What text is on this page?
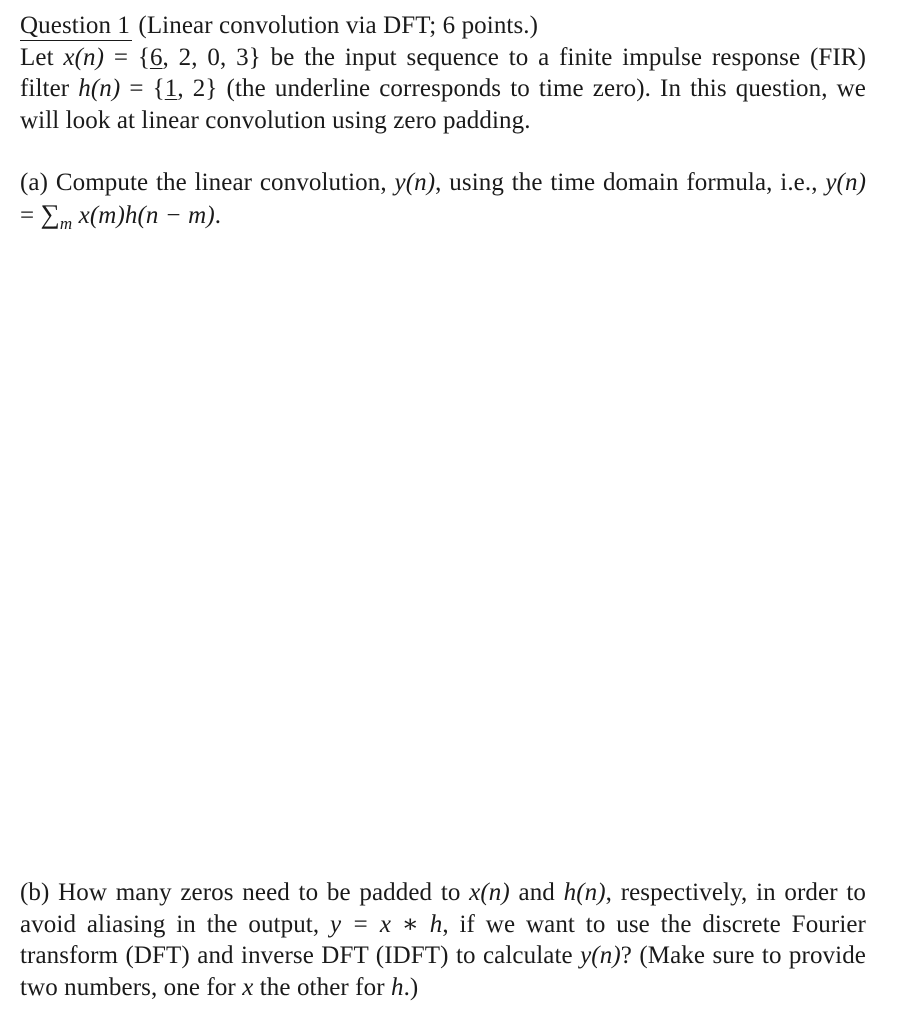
Question 1 (Linear convolution via DFT; 6 points.)
Let x(n) = {6, 2, 0, 3} be the input sequence to a finite impulse response (FIR) filter h(n) = {1, 2} (the underline corresponds to time zero). In this question, we will look at linear convolution using zero padding.
(a) Compute the linear convolution, y(n), using the time domain formula, i.e., $y(n) = \sum_m$ x(m)h(n − m).
(b) How many zeros need to be padded to x(n) and h(n), respectively, in order to avoid aliasing in the output, y = x ∗ h, if we want to use the discrete Fourier transform (DFT) and inverse DFT (IDFT) to calculate y(n)? (Make sure to provide two numbers, one for x the other for h.)
